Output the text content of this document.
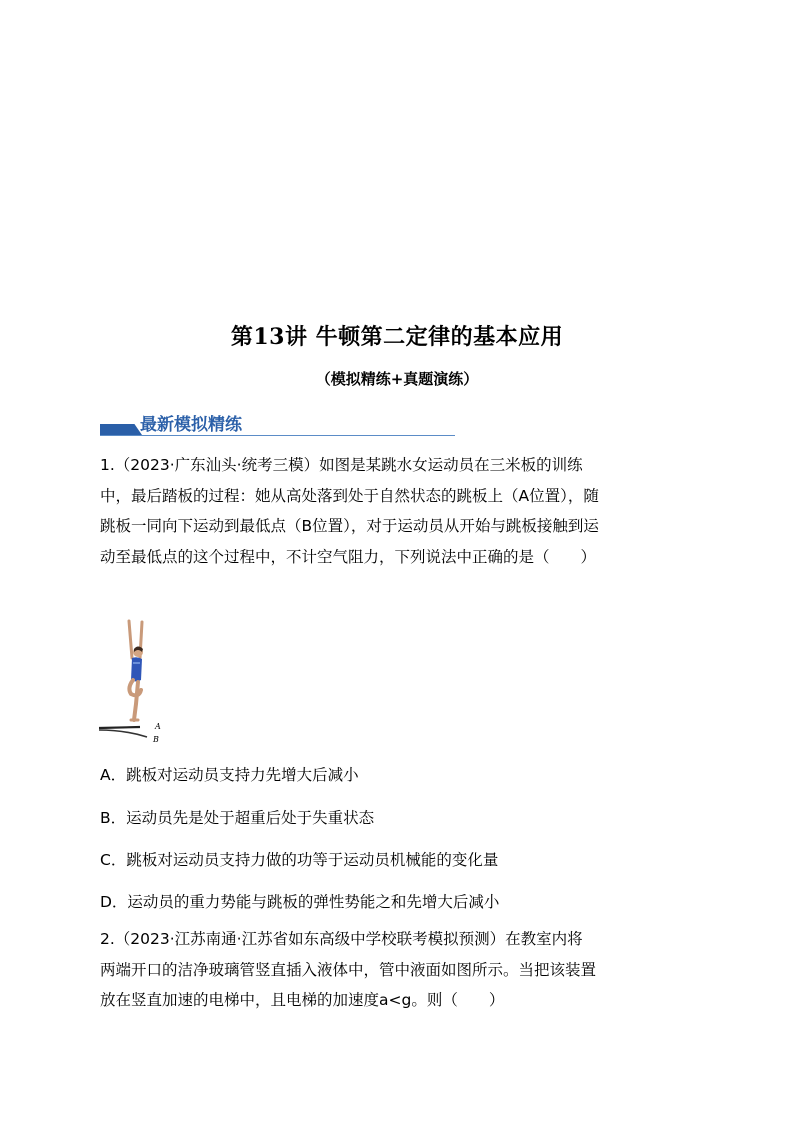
第13讲 牛顿第二定律的基本应用
（模拟精练+真题演练）
最新模拟精练
1.（2023·广东汕头·统考三模）如图是某跳水女运动员在三米板的训练
中，最后踏板的过程：她从高处落到处于自然状态的跳板上（A位置），随
跳板一同向下运动到最低点（B位置），对于运动员从开始与跳板接触到运
动至最低点的这个过程中，不计空气阻力，下列说法中正确的是（　　）
A
B
A．跳板对运动员支持力先增大后减小
B．运动员先是处于超重后处于失重状态
C．跳板对运动员支持力做的功等于运动员机械能的变化量
D．运动员的重力势能与跳板的弹性势能之和先增大后减小
2.（2023·江苏南通·江苏省如东高级中学校联考模拟预测）在教室内将
两端开口的洁净玻璃管竖直插入液体中，管中液面如图所示。当把该装置
放在竖直加速的电梯中，且电梯的加速度a<g。则（　　）
